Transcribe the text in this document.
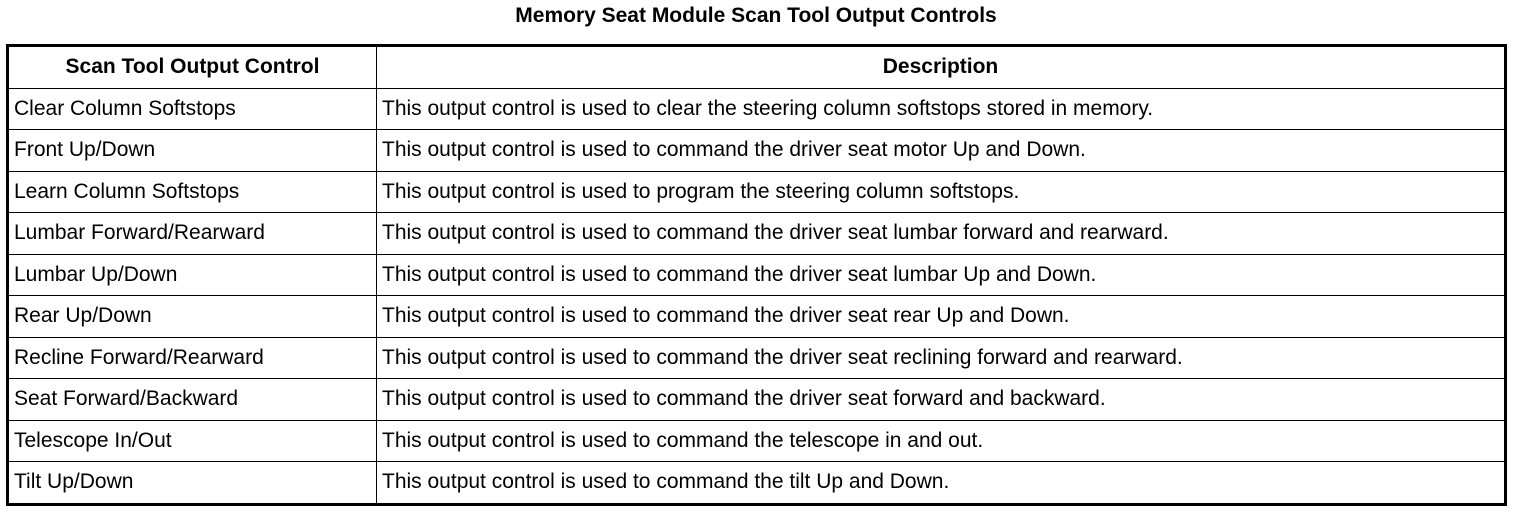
Memory Seat Module Scan Tool Output Controls
Scan Tool Output Control	Description
Clear Column Softstops	This output control is used to clear the steering column softstops stored in memory.
Front Up/Down	This output control is used to command the driver seat motor Up and Down.
Learn Column Softstops	This output control is used to program the steering column softstops.
Lumbar Forward/Rearward	This output control is used to command the driver seat lumbar forward and rearward.
Lumbar Up/Down	This output control is used to command the driver seat lumbar Up and Down.
Rear Up/Down	This output control is used to command the driver seat rear Up and Down.
Recline Forward/Rearward	This output control is used to command the driver seat reclining forward and rearward.
Seat Forward/Backward	This output control is used to command the driver seat forward and backward.
Telescope In/Out	This output control is used to command the telescope in and out.
Tilt Up/Down	This output control is used to command the tilt Up and Down.
